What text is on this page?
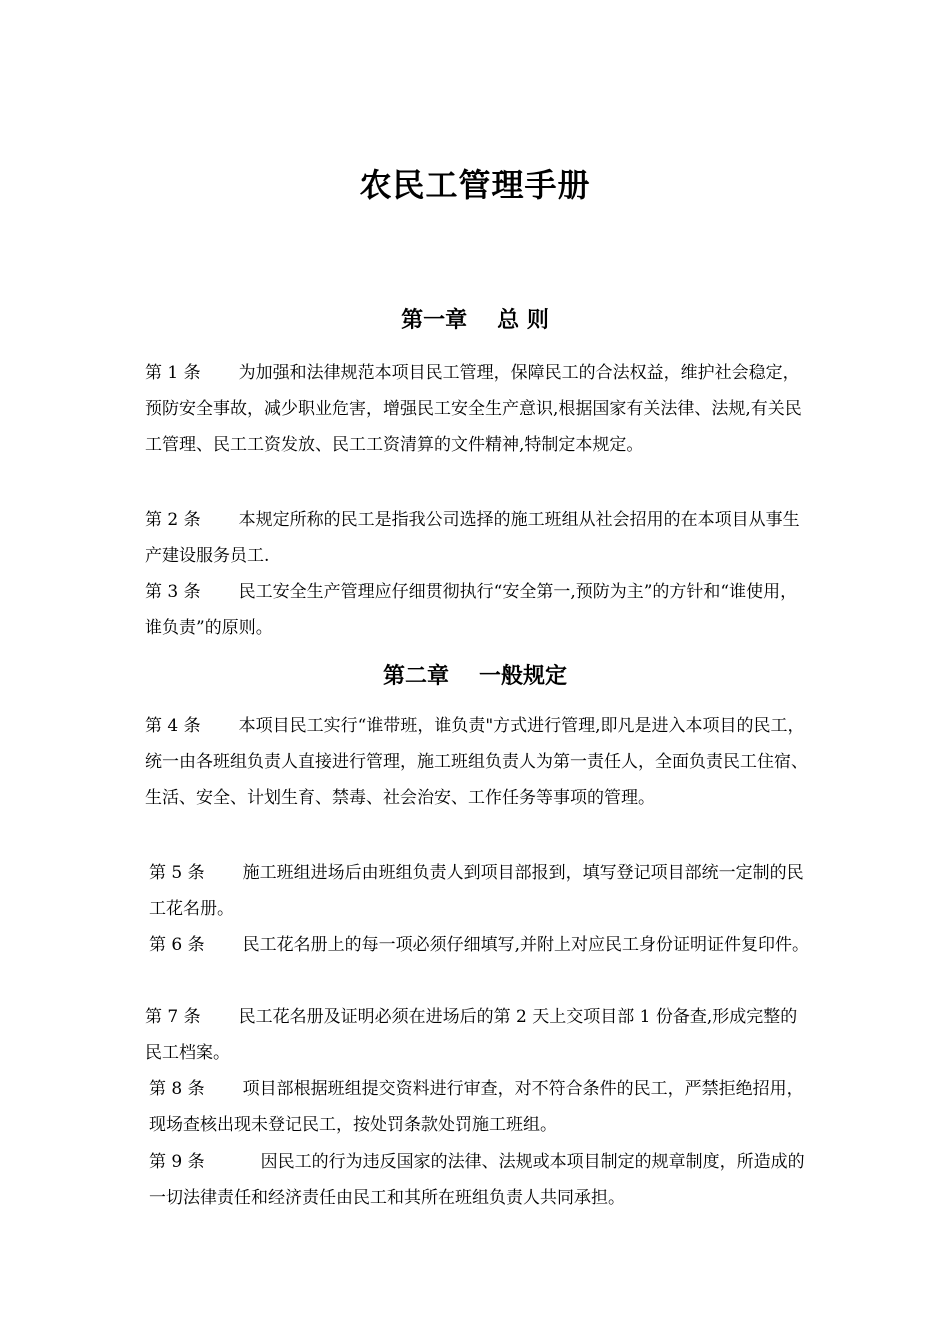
农民工管理手册
第一章 总 则
第 1 条 为加强和法律规范本项目民工管理，保障民工的合法权益，维护社会稳定，预防安全事故，减少职业危害，增强民工安全生产意识,根据国家有关法律、法规,有关民工管理、民工工资发放、民工工资清算的文件精神,特制定本规定。
第 2 条 本规定所称的民工是指我公司选择的施工班组从社会招用的在本项目从事生产建设服务员工.
第 3 条 民工安全生产管理应仔细贯彻执行“安全第一,预防为主”的方针和“谁使用，谁负责”的原则。
第二章 一般规定
第 4 条 本项目民工实行“谁带班，谁负责"方式进行管理,即凡是进入本项目的民工，统一由各班组负责人直接进行管理，施工班组负责人为第一责任人，全面负责民工住宿、生活、安全、计划生育、禁毒、社会治安、工作任务等事项的管理。
第 5 条 施工班组进场后由班组负责人到项目部报到，填写登记项目部统一定制的民工花名册。
第 6 条 民工花名册上的每一项必须仔细填写,并附上对应民工身份证明证件复印件。
第 7 条 民工花名册及证明必须在进场后的第 2 天上交项目部 1 份备查,形成完整的民工档案。
第 8 条 项目部根据班组提交资料进行审查，对不符合条件的民工，严禁拒绝招用，现场查核出现未登记民工，按处罚条款处罚施工班组。
第 9 条	因民工的行为违反国家的法律、法规或本项目制定的规章制度，所造成的一切法律责任和经济责任由民工和其所在班组负责人共同承担。
